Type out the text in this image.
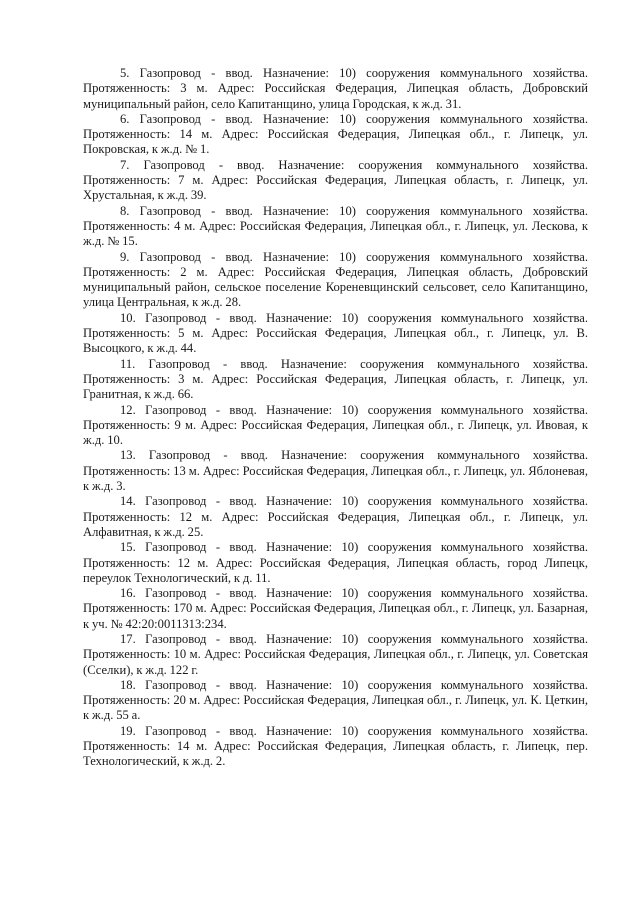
5. Газопровод - ввод. Назначение: 10) сооружения коммунального хозяйства. Протяженность: 3 м. Адрес: Российская Федерация, Липецкая область, Добровский муниципальный район, село Капитанщино, улица Городская, к ж.д. 31.

6. Газопровод - ввод. Назначение: 10) сооружения коммунального хозяйства. Протяженность: 14 м. Адрес: Российская Федерация, Липецкая обл., г. Липецк, ул. Покровская, к ж.д. № 1.

7. Газопровод - ввод. Назначение: сооружения коммунального хозяйства. Протяженность: 7 м. Адрес: Российская Федерация, Липецкая область, г. Липецк, ул. Хрустальная, к ж.д. 39.

8. Газопровод - ввод. Назначение: 10) сооружения коммунального хозяйства. Протяженность: 4 м. Адрес: Российская Федерация, Липецкая обл., г. Липецк, ул. Лескова, к ж.д. № 15.

9. Газопровод - ввод. Назначение: 10) сооружения коммунального хозяйства. Протяженность: 2 м. Адрес: Российская Федерация, Липецкая область, Добровский муниципальный район, сельское поселение Кореневщинский сельсовет, село Капитанщино, улица Центральная, к ж.д. 28.

10. Газопровод - ввод. Назначение: 10) сооружения коммунального хозяйства. Протяженность: 5 м. Адрес: Российская Федерация, Липецкая обл., г. Липецк, ул. В. Высоцкого, к ж.д. 44.

11. Газопровод - ввод. Назначение: сооружения коммунального хозяйства. Протяженность: 3 м. Адрес: Российская Федерация, Липецкая область, г. Липецк, ул. Гранитная, к ж.д. 66.

12. Газопровод - ввод. Назначение: 10) сооружения коммунального хозяйства. Протяженность: 9 м. Адрес: Российская Федерация, Липецкая обл., г. Липецк, ул. Ивовая, к ж.д. 10.

13. Газопровод - ввод. Назначение: сооружения коммунального хозяйства. Протяженность: 13 м. Адрес: Российская Федерация, Липецкая обл., г. Липецк, ул. Яблоневая, к ж.д. 3.

14. Газопровод - ввод. Назначение: 10) сооружения коммунального хозяйства. Протяженность: 12 м. Адрес: Российская Федерация, Липецкая обл., г. Липецк, ул. Алфавитная, к ж.д. 25.

15. Газопровод - ввод. Назначение: 10) сооружения коммунального хозяйства. Протяженность: 12 м. Адрес: Российская Федерация, Липецкая область, город Липецк, переулок Технологический, к д. 11.

16. Газопровод - ввод. Назначение: 10) сооружения коммунального хозяйства. Протяженность: 170 м. Адрес: Российская Федерация, Липецкая обл., г. Липецк, ул. Базарная, к уч. № 42:20:0011313:234.

17. Газопровод - ввод. Назначение: 10) сооружения коммунального хозяйства. Протяженность: 10 м. Адрес: Российская Федерация, Липецкая обл., г. Липецк, ул. Советская (Сселки), к ж.д. 122 г.

18. Газопровод - ввод. Назначение: 10) сооружения коммунального хозяйства. Протяженность: 20 м. Адрес: Российская Федерация, Липецкая обл., г. Липецк, ул. К. Цеткин, к ж.д. 55 а.

19. Газопровод - ввод. Назначение: 10) сооружения коммунального хозяйства. Протяженность: 14 м. Адрес: Российская Федерация, Липецкая область, г. Липецк, пер. Технологический, к ж.д. 2.
